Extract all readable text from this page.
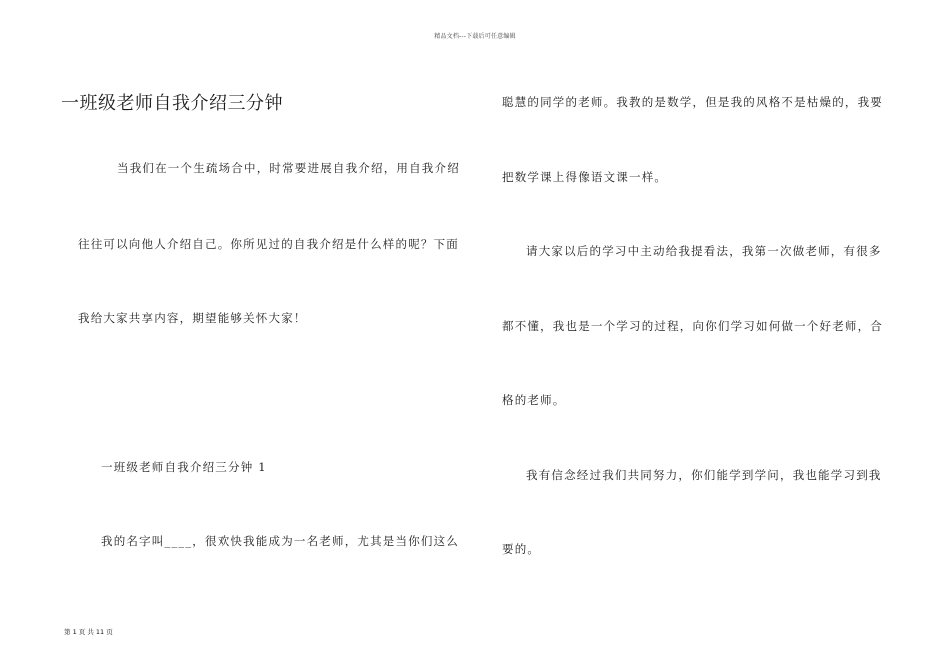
精品文档---下载后可任意编辑
一班级老师自我介绍三分钟
当我们在一个生疏场合中，时常要进展自我介绍，用自我介绍
往往可以向他人介绍自己。你所见过的自我介绍是什么样的呢？下面
我给大家共享内容，期望能够关怀大家！
一班级老师自我介绍三分钟 1
我的名字叫____，很欢快我能成为一名老师，尤其是当你们这么
聪慧的同学的老师。我教的是数学，但是我的风格不是枯燥的，我要
把数学课上得像语文课一样。
请大家以后的学习中主动给我提看法，我第一次做老师，有很多
都不懂，我也是一个学习的过程，向你们学习如何做一个好老师，合
格的老师。
我有信念经过我们共同努力，你们能学到学问，我也能学习到我
要的。
第 1 页 共 11 页
